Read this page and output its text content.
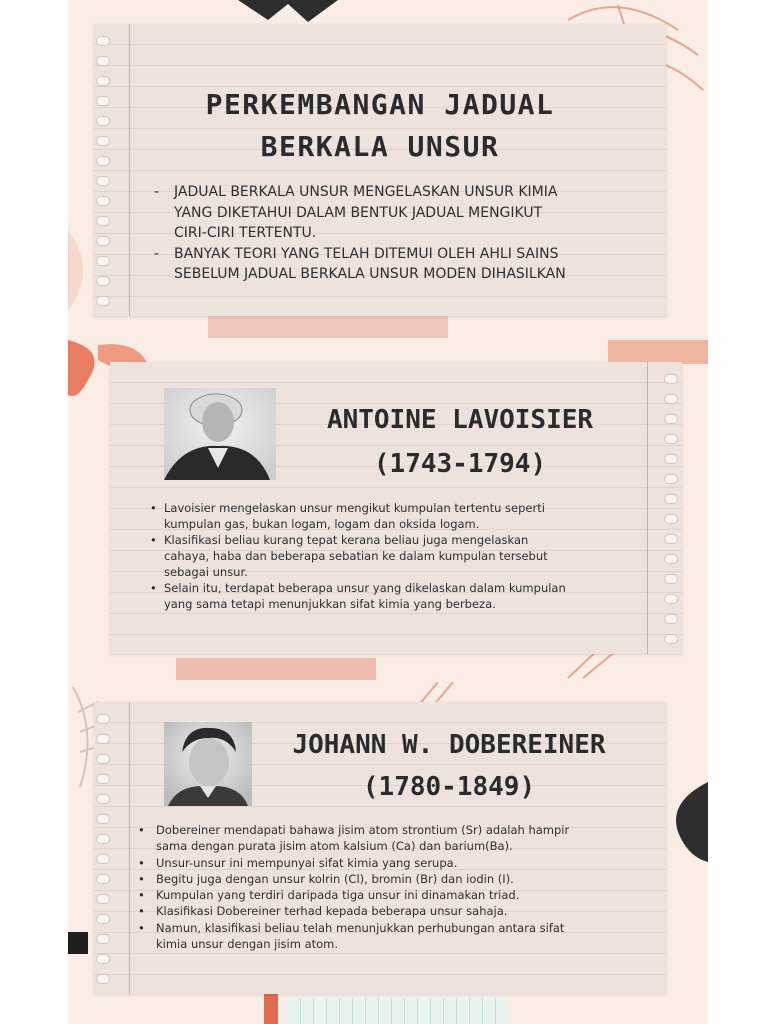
PERKEMBANGAN JADUAL
BERKALA UNSUR
- JADUAL BERKALA UNSUR MENGELASKAN UNSUR KIMIA
YANG DIKETAHUI DALAM BENTUK JADUAL MENGIKUT
CIRI-CIRI TERTENTU.
- BANYAK TEORI YANG TELAH DITEMUI OLEH AHLI SAINS
SEBELUM JADUAL BERKALA UNSUR MODEN DIHASILKAN
ANTOINE LAVOISIER
(1743-1794)
• Lavoisier mengelaskan unsur mengikut kumpulan tertentu seperti
kumpulan gas, bukan logam, logam dan oksida logam.
• Klasifikasi beliau kurang tepat kerana beliau juga mengelaskan
cahaya, haba dan beberapa sebatian ke dalam kumpulan tersebut
sebagai unsur.
• Selain itu, terdapat beberapa unsur yang dikelaskan dalam kumpulan
yang sama tetapi menunjukkan sifat kimia yang berbeza.
JOHANN W. DOBEREINER
(1780-1849)
• Dobereiner mendapati bahawa jisim atom strontium (Sr) adalah hampir
sama dengan purata jisim atom kalsium (Ca) dan barium(Ba).
• Unsur-unsur ini mempunyai sifat kimia yang serupa.
• Begitu juga dengan unsur kolrin (Cl), bromin (Br) dan iodin (I).
• Kumpulan yang terdiri daripada tiga unsur ini dinamakan triad.
• Klasifikasi Dobereiner terhad kepada beberapa unsur sahaja.
• Namun, klasifikasi beliau telah menunjukkan perhubungan antara sifat
kimia unsur dengan jisim atom.
